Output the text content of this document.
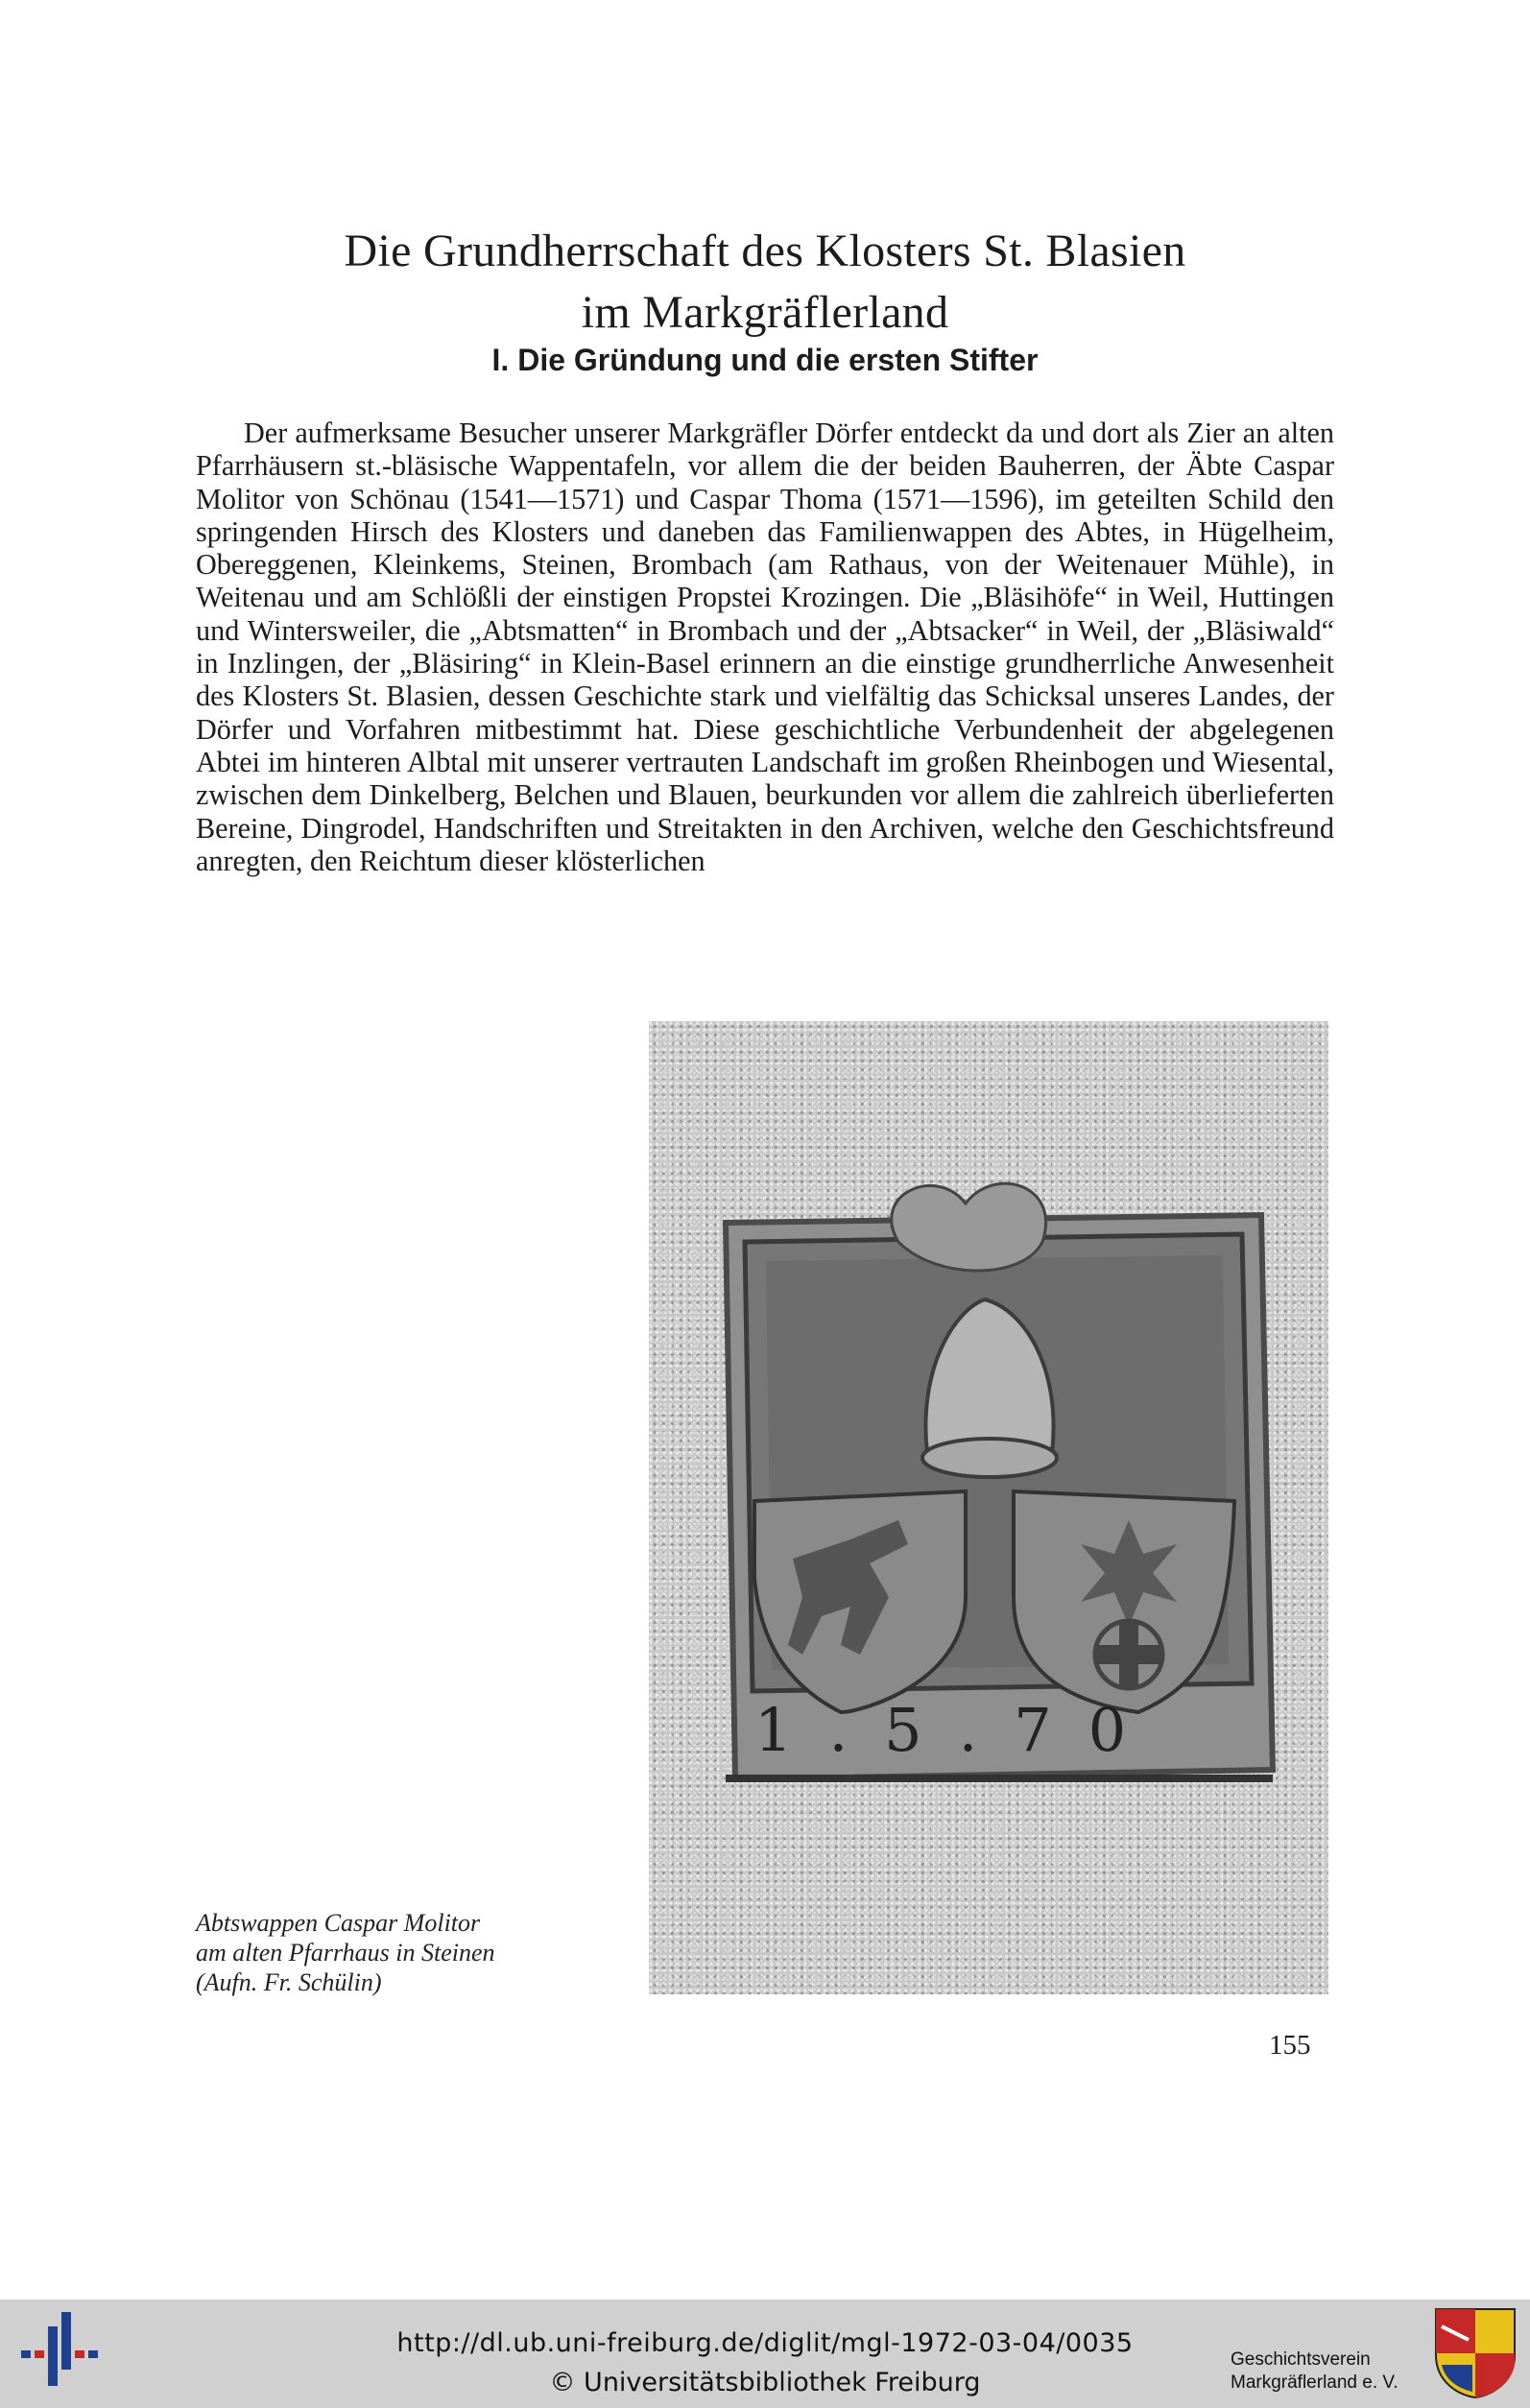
Die Grundherrschaft des Klosters St. Blasien
im Markgräflerland
I. Die Gründung und die ersten Stifter

Der aufmerksame Besucher unserer Markgräfler Dörfer entdeckt da und dort als Zier an alten Pfarrhäusern st.-bläsische Wappentafeln, vor allem die der beiden Bauherren, der Äbte Caspar Molitor von Schönau (1541—1571) und Caspar Thoma (1571—1596), im geteilten Schild den springenden Hirsch des Klosters und daneben das Familienwappen des Abtes, in Hügelheim, Obereggenen, Kleinkems, Steinen, Brombach (am Rathaus, von der Weitenauer Mühle), in Weitenau und am Schlößli der einstigen Propstei Krozingen. Die „Bläsihöfe“ in Weil, Huttingen und Wintersweiler, die „Abtsmatten“ in Brombach und der „Abtsacker“ in Weil, der „Bläsiwald“ in Inzlingen, der „Bläsiring“ in Klein-Basel erinnern an die einstige grundherrliche Anwesenheit des Klosters St. Blasien, dessen Geschichte stark und vielfältig das Schicksal unseres Landes, der Dörfer und Vorfahren mitbestimmt hat. Diese geschichtliche Verbundenheit der abgelegenen Abtei im hinteren Albtal mit unserer vertrauten Landschaft im großen Rheinbogen und Wiesental, zwischen dem Dinkelberg, Belchen und Blauen, beurkunden vor allem die zahlreich überlieferten Bereine, Dingrodel, Handschriften und Streitakten in den Archiven, welche den Geschichtsfreund anregten, den Reichtum dieser klösterlichen

1.5.70
Abtswappen Caspar Molitor
am alten Pfarrhaus in Steinen
(Aufn. Fr. Schülin)
155
http://dl.ub.uni-freiburg.de/diglit/mgl-1972-03-04/0035
© Universitätsbibliothek Freiburg
Geschichtsverein
Markgräflerland e. V.
